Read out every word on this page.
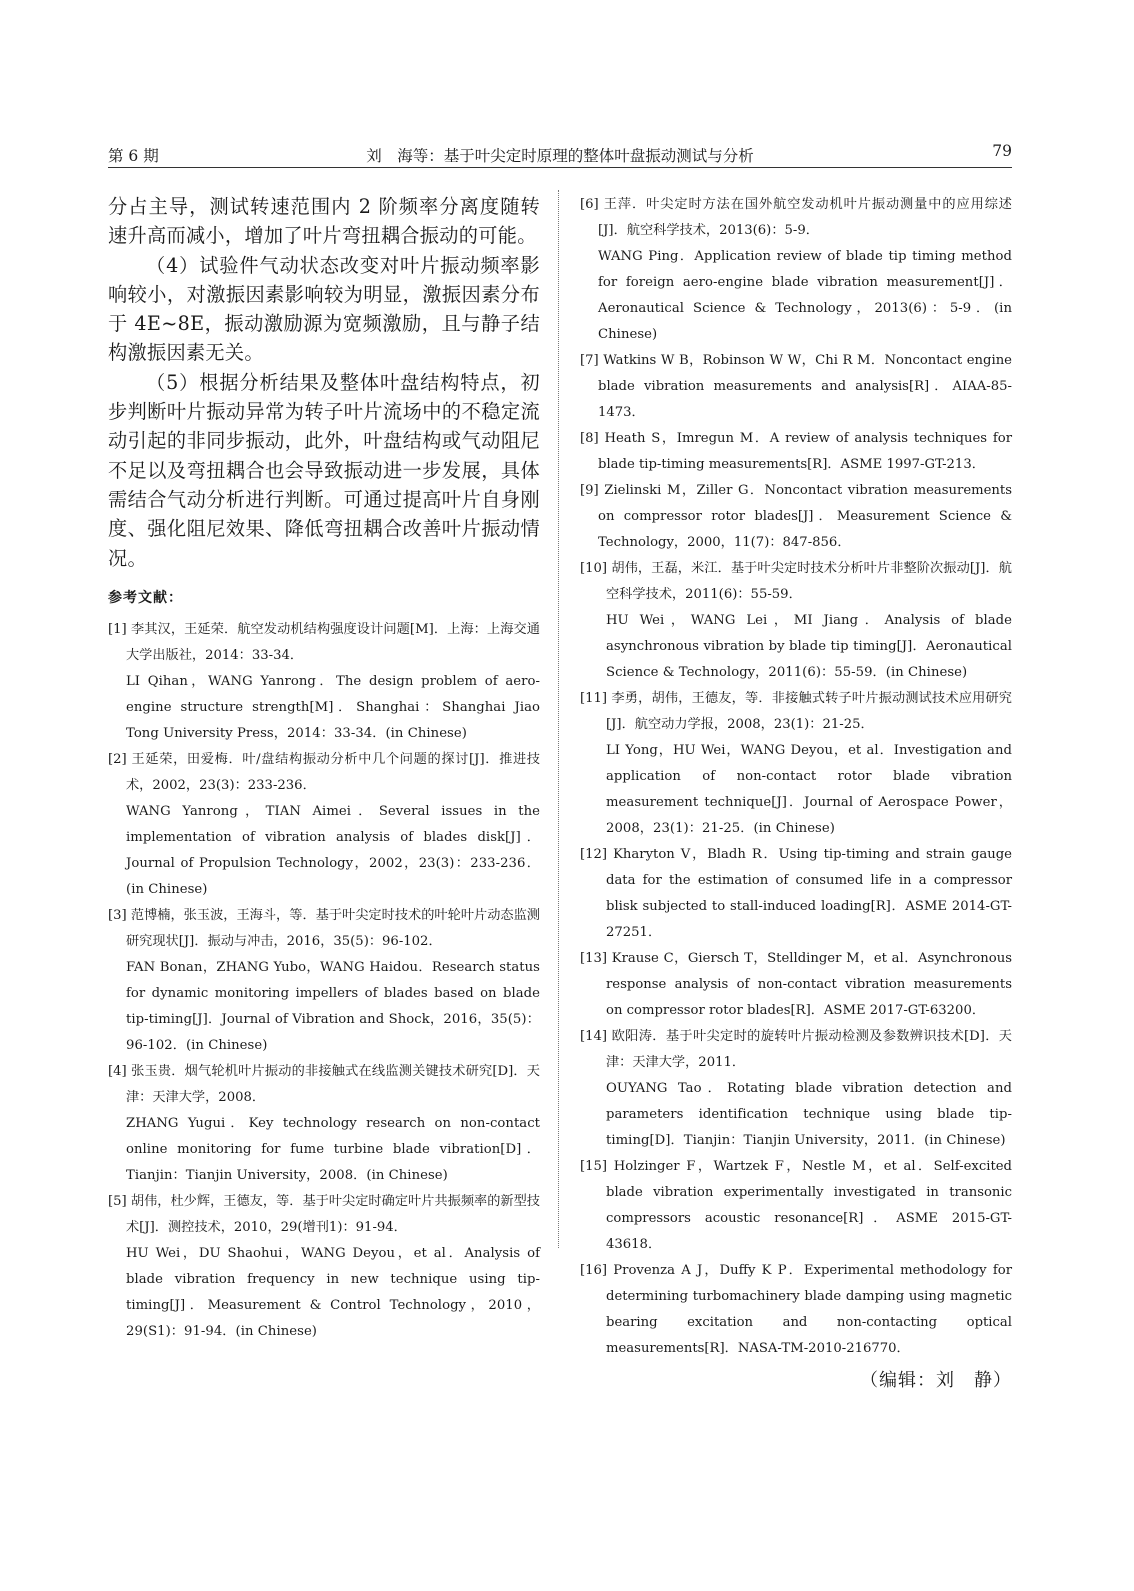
第 6 期	刘　海等：基于叶尖定时原理的整体叶盘振动测试与分析	79

分占主导，测试转速范围内 2 阶频率分离度随转速升高而减小，增加了叶片弯扭耦合振动的可能。

（4）试验件气动状态改变对叶片振动频率影响较小，对激振因素影响较为明显，激振因素分布于 4E~8E，振动激励源为宽频激励，且与静子结构激振因素无关。

（5）根据分析结果及整体叶盘结构特点，初步判断叶片振动异常为转子叶片流场中的不稳定流动引起的非同步振动，此外，叶盘结构或气动阻尼不足以及弯扭耦合也会导致振动进一步发展，具体需结合气动分析进行判断。可通过提高叶片自身刚度、强化阻尼效果、降低弯扭耦合改善叶片振动情况。

参考文献：
[1] 李其汉，王延荣．航空发动机结构强度设计问题[M]．上海：上海交通大学出版社，2014：33-34．
LI Qihan，WANG Yanrong．The design problem of aero-engine structure strength[M]．Shanghai：Shanghai Jiao Tong University Press，2014：33-34．(in Chinese)
[2] 王延荣，田爱梅．叶/盘结构振动分析中几个问题的探讨[J]．推进技术，2002，23(3)：233-236．
WANG Yanrong，TIAN Aimei．Several issues in the implementation of vibration analysis of blades disk[J]．Journal of Propulsion Technology，2002，23(3)：233-236．(in Chinese)
[3] 范博楠，张玉波，王海斗，等．基于叶尖定时技术的叶轮叶片动态监测研究现状[J]．振动与冲击，2016，35(5)：96-102．
FAN Bonan，ZHANG Yubo，WANG Haidou．Research status for dynamic monitoring impellers of blades based on blade tip-timing[J]．Journal of Vibration and Shock，2016，35(5)：96-102．(in Chinese)
[4] 张玉贵．烟气轮机叶片振动的非接触式在线监测关键技术研究[D]．天津：天津大学，2008．
ZHANG Yugui．Key technology research on non-contact online monitoring for fume turbine blade vibration[D]．Tianjin：Tianjin University，2008．(in Chinese)
[5] 胡伟，杜少辉，王德友，等．基于叶尖定时确定叶片共振频率的新型技术[J]．测控技术，2010，29(增刊1)：91-94．
HU Wei，DU Shaohui，WANG Deyou，et al．Analysis of blade vibration frequency in new technique using tip-timing[J]．Measurement & Control Technology，2010，29(S1)：91-94．(in Chinese)
[6] 王萍．叶尖定时方法在国外航空发动机叶片振动测量中的应用综述[J]．航空科学技术，2013(6)：5-9．
WANG Ping．Application review of blade tip timing method for foreign aero-engine blade vibration measurement[J]．Aeronautical Science & Technology，2013(6)：5-9．(in Chinese)
[7] Watkins W B，Robinson W W，Chi R M．Noncontact engine blade vibration measurements and analysis[R]．AIAA-85-1473．
[8] Heath S，Imregun M．A review of analysis techniques for blade tip-timing measurements[R]．ASME 1997-GT-213．
[9] Zielinski M，Ziller G．Noncontact vibration measurements on compressor rotor blades[J]．Measurement Science & Technology，2000，11(7)：847-856．
[10] 胡伟，王磊，米江．基于叶尖定时技术分析叶片非整阶次振动[J]．航空科学技术，2011(6)：55-59．
HU Wei，WANG Lei，MI Jiang．Analysis of blade asynchronous vibration by blade tip timing[J]．Aeronautical Science & Technology，2011(6)：55-59．(in Chinese)
[11] 李勇，胡伟，王德友，等．非接触式转子叶片振动测试技术应用研究[J]．航空动力学报，2008，23(1)：21-25．
LI Yong，HU Wei，WANG Deyou，et al．Investigation and application of non-contact rotor blade vibration measurement technique[J]．Journal of Aerospace Power，2008，23(1)：21-25．(in Chinese)
[12] Kharyton V，Bladh R．Using tip-timing and strain gauge data for the estimation of consumed life in a compressor blisk subjected to stall-induced loading[R]．ASME 2014-GT-27251．
[13] Krause C，Giersch T，Stelldinger M，et al．Asynchronous response analysis of non-contact vibration measurements on compressor rotor blades[R]．ASME 2017-GT-63200．
[14] 欧阳涛．基于叶尖定时的旋转叶片振动检测及参数辨识技术[D]．天津：天津大学，2011．
OUYANG Tao．Rotating blade vibration detection and parameters identification technique using blade tip-timing[D]．Tianjin：Tianjin University，2011．(in Chinese)
[15] Holzinger F，Wartzek F，Nestle M，et al．Self-excited blade vibration experimentally investigated in transonic compressors acoustic resonance[R]．ASME 2015-GT-43618．
[16] Provenza A J，Duffy K P．Experimental methodology for determining turbomachinery blade damping using magnetic bearing excitation and non-contacting optical measurements[R]．NASA-TM-2010-216770．
（编辑：刘　静）
